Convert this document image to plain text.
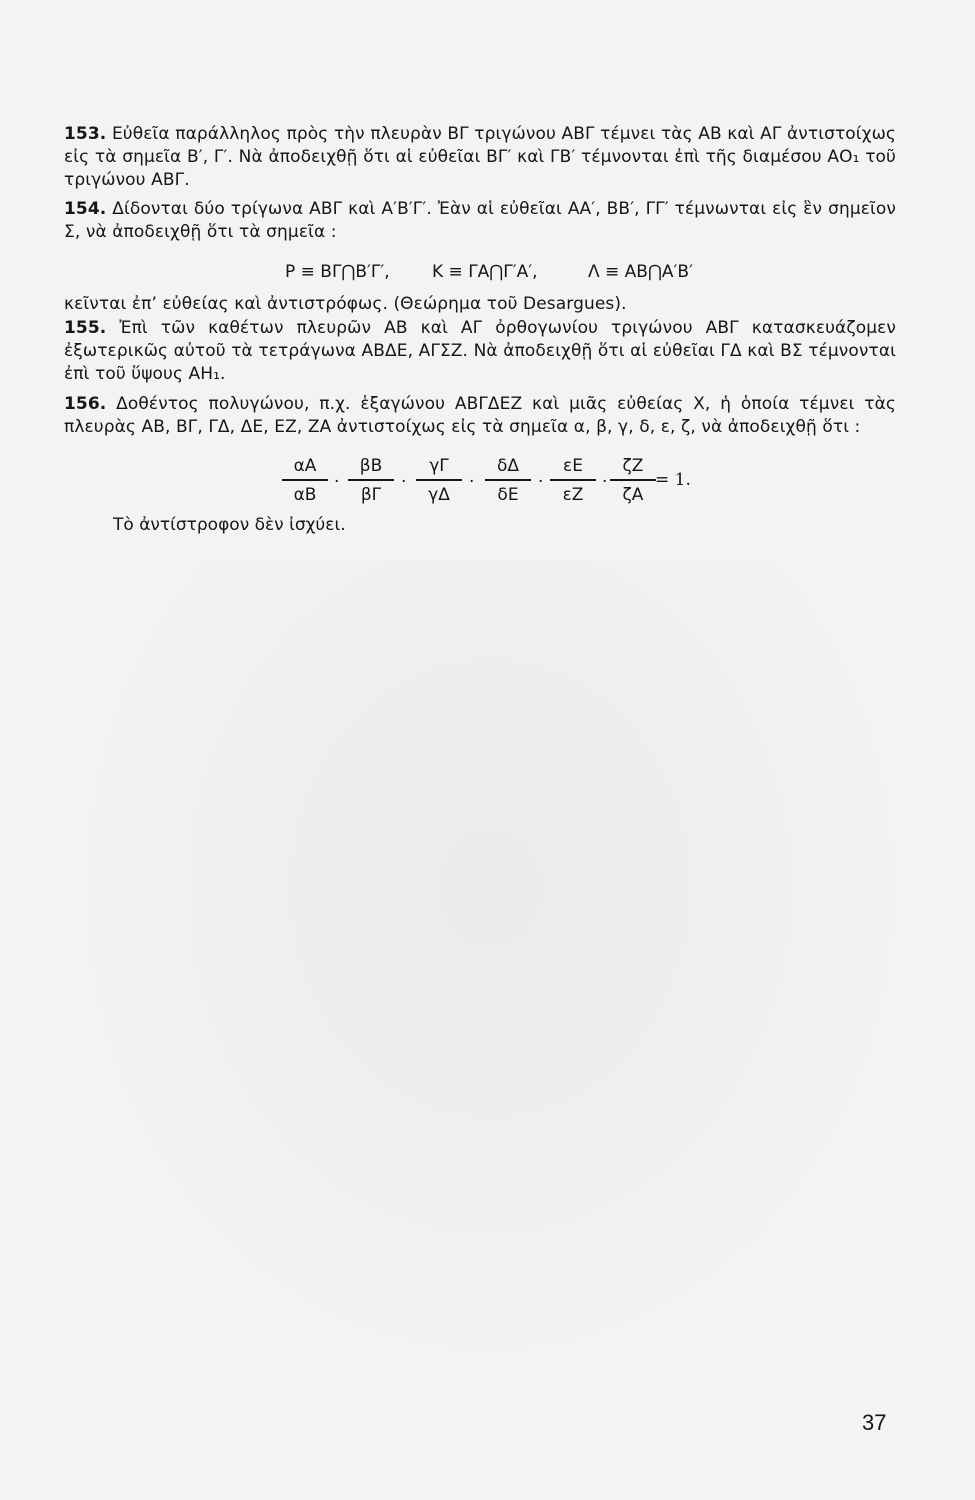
153. Εὐθεῖα παράλληλος πρὸς τὴν πλευρὰν ΒΓ τριγώνου ΑΒΓ τέμνει τὰς ΑΒ καὶ ΑΓ ἀντιστοίχως εἰς τὰ σημεῖα Β′, Γ′. Νὰ ἀποδειχθῇ ὅτι αἱ εὐθεῖαι ΒΓ′ καὶ ΓΒ′ τέμνονται ἐπὶ τῆς διαμέσου ΑΟ₁ τοῦ τριγώνου ΑΒΓ.
154. Δίδονται δύο τρίγωνα ΑΒΓ καὶ Α′Β′Γ′. Ἐὰν αἱ εὐθεῖαι ΑΑ′, ΒΒ′, ΓΓ′ τέμνωνται εἰς ἓν σημεῖον Σ, νὰ ἀποδειχθῇ ὅτι τὰ σημεῖα :
Ρ ≡ ΒΓ⋂Β′Γ′, Κ ≡ ΓΑ⋂Γ′Α′,	Λ ≡ ΑΒ⋂Α′Β′
κεῖνται ἐπ’ εὐθείας καὶ ἀντιστρόφως. (Θεώρημα τοῦ Desargues).
155. Ἐπὶ τῶν καθέτων πλευρῶν ΑΒ καὶ ΑΓ ὀρθογωνίου τριγώνου ΑΒΓ κατασκευάζομεν ἐξωτερικῶς αὐτοῦ τὰ τετράγωνα ΑΒΔΕ, ΑΓΣΖ. Νὰ ἀποδειχθῇ ὅτι αἱ εὐθεῖαι ΓΔ καὶ ΒΣ τέμνονται ἐπὶ τοῦ ὕψους ΑΗ₁.
156. Δοθέντος πολυγώνου, π.χ. ἑξαγώνου ΑΒΓΔΕΖ καὶ μιᾶς εὐθείας Χ, ἡ ὁποία τέμνει τὰς πλευρὰς ΑΒ, ΒΓ, ΓΔ, ΔΕ, ΕΖ, ΖΑ ἀντιστοίχως εἰς τὰ σημεῖα α, β, γ, δ, ε, ζ, νὰ ἀποδειχθῇ ὅτι :
αΑ
αΒ
·
βΒ
βΓ
·
γΓ
γΔ
·
δΔ
δΕ
·
εΕ
εΖ
·
ζΖ
ζΑ
= 1.
Τὸ ἀντίστροφον δὲν ἰσχύει.
37
